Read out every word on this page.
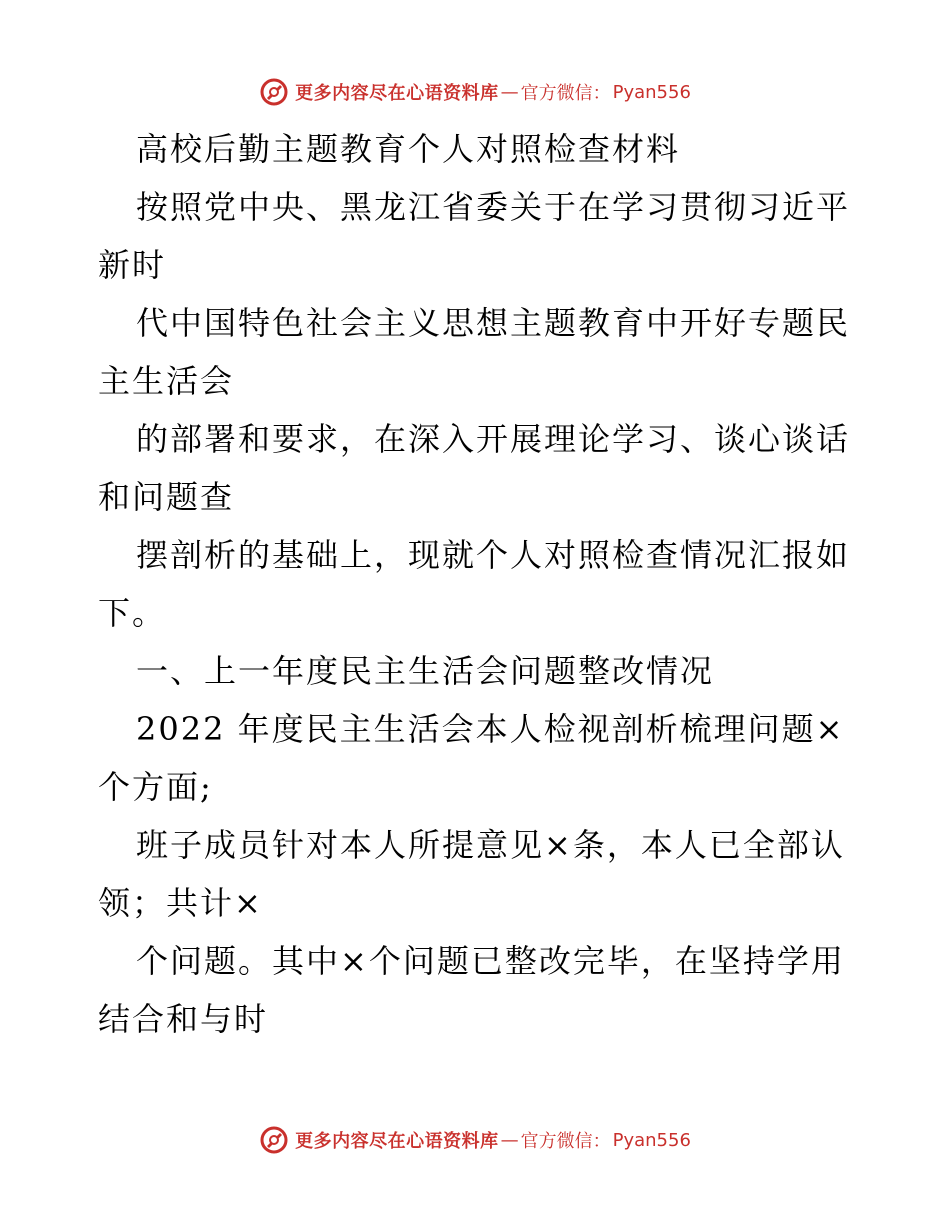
更多内容尽在心语资料库 — 官方微信： Pyan556
高校后勤主题教育个人对照检查材料
按照党中央、黑龙江省委关于在学习贯彻习近平
新时
代中国特色社会主义思想主题教育中开好专题民
主生活会
的部署和要求，在深入开展理论学习、谈心谈话
和问题查
摆剖析的基础上，现就个人对照检查情况汇报如
下。
一、上一年度民主生活会问题整改情况
2022 年度民主生活会本人检视剖析梳理问题×
个方面;
班子成员针对本人所提意见×条，本人已全部认
领；共计×
个问题。其中×个问题已整改完毕，在坚持学用
结合和与时
更多内容尽在心语资料库 — 官方微信： Pyan556
